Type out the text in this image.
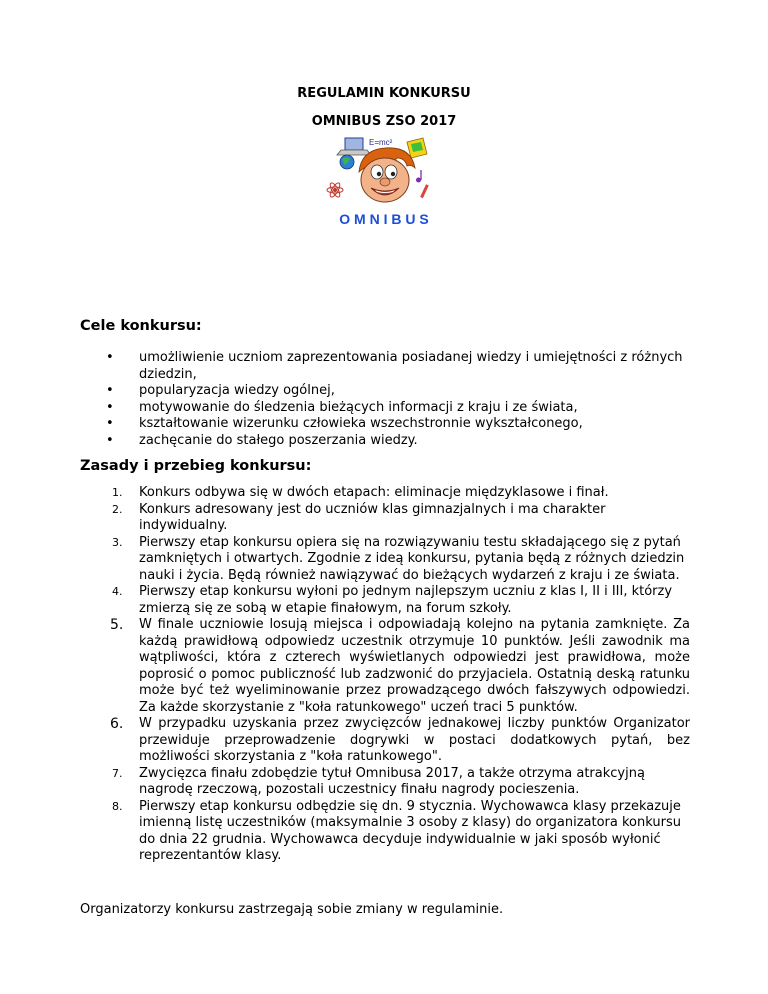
REGULAMIN KONKURSU
OMNIBUS ZSO 2017
E=mc²
O M N I B U S
Cele konkursu:
• umożliwienie uczniom zaprezentowania posiadanej wiedzy i umiejętności z różnych dziedzin,
• popularyzacja wiedzy ogólnej,
• motywowanie do śledzenia bieżących informacji z kraju i ze świata,
• kształtowanie wizerunku człowieka wszechstronnie wykształconego,
• zachęcanie do stałego poszerzania wiedzy.
Zasady i przebieg konkursu:
1. Konkurs odbywa się w dwóch etapach: eliminacje międzyklasowe i finał.
2. Konkurs adresowany jest do uczniów klas gimnazjalnych i ma charakter indywidualny.
3. Pierwszy etap konkursu opiera się na rozwiązywaniu testu składającego się z pytań zamkniętych i otwartych. Zgodnie z ideą konkursu, pytania będą z różnych dziedzin nauki i życia. Będą również nawiązywać do bieżących wydarzeń z kraju i ze świata.
4. Pierwszy etap konkursu wyłoni po jednym najlepszym uczniu z klas I, II i III, którzy zmierzą się ze sobą w etapie finałowym, na forum szkoły.
5. W finale uczniowie losują miejsca i odpowiadają kolejno na pytania zamknięte. Za każdą prawidłową odpowiedz uczestnik otrzymuje 10 punktów. Jeśli zawodnik ma wątpliwości, która z czterech wyświetlanych odpowiedzi jest prawidłowa, może poprosić o pomoc publiczność lub zadzwonić do przyjaciela. Ostatnią deską ratunku może być też wyeliminowanie przez prowadzącego dwóch fałszywych odpowiedzi. Za każde skorzystanie z "koła ratunkowego" uczeń traci 5 punktów.
6. W przypadku uzyskania przez zwycięzców jednakowej liczby punktów Organizator przewiduje przeprowadzenie dogrywki w postaci dodatkowych pytań, bez możliwości skorzystania z "koła ratunkowego".
7. Zwycięzca finału zdobędzie tytuł Omnibusa 2017, a także otrzyma atrakcyjną nagrodę rzeczową, pozostali uczestnicy finału nagrody pocieszenia.
8. Pierwszy etap konkursu odbędzie się dn. 9 stycznia. Wychowawca klasy przekazuje imienną listę uczestników (maksymalnie 3 osoby z klasy) do organizatora konkursu do dnia 22 grudnia. Wychowawca decyduje indywidualnie w jaki sposób wyłonić reprezentantów klasy.
Organizatorzy konkursu zastrzegają sobie zmiany w regulaminie.
